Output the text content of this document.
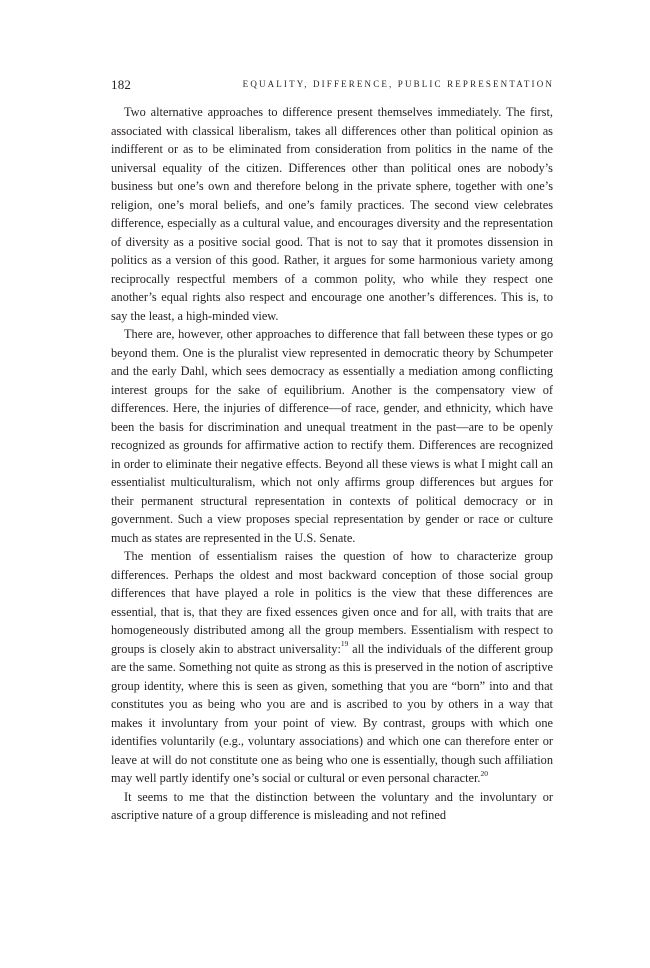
182	EQUALITY, DIFFERENCE, PUBLIC REPRESENTATION

Two alternative approaches to difference present themselves immediately. The first, associated with classical liberalism, takes all differences other than political opinion as indifferent or as to be eliminated from consideration from politics in the name of the universal equality of the citizen. Differences other than political ones are nobody’s business but one’s own and therefore belong in the private sphere, together with one’s religion, one’s moral beliefs, and one’s family practices. The second view celebrates difference, especially as a cultural value, and encourages diversity and the representation of diversity as a positive social good. That is not to say that it promotes dissension in politics as a version of this good. Rather, it argues for some harmonious variety among reciprocally respectful members of a common polity, who while they respect one another’s equal rights also respect and encourage one another’s differences. This is, to say the least, a high-minded view.

There are, however, other approaches to difference that fall between these types or go beyond them. One is the pluralist view represented in democratic theory by Schumpeter and the early Dahl, which sees democracy as essentially a mediation among conflicting interest groups for the sake of equilibrium. Another is the compensatory view of differences. Here, the injuries of difference—of race, gender, and ethnicity, which have been the basis for discrimination and unequal treatment in the past—are to be openly recognized as grounds for affirmative action to rectify them. Differences are recognized in order to eliminate their negative effects. Beyond all these views is what I might call an essentialist multiculturalism, which not only affirms group differences but argues for their permanent structural representation in contexts of political democracy or in government. Such a view proposes special representation by gender or race or culture much as states are represented in the U.S. Senate.

The mention of essentialism raises the question of how to characterize group differences. Perhaps the oldest and most backward conception of those social group differences that have played a role in politics is the view that these differences are essential, that is, that they are fixed essences given once and for all, with traits that are homogeneously distributed among all the group members. Essentialism with respect to groups is closely akin to abstract universality:$^{19}$ all the individuals of the different group are the same. Something not quite as strong as this is preserved in the notion of ascriptive group identity, where this is seen as given, something that you are “born” into and that constitutes you as being who you are and is ascribed to you by others in a way that makes it involuntary from your point of view. By contrast, groups with which one identifies voluntarily (e.g., voluntary associations) and which one can therefore enter or leave at will do not constitute one as being who one is essentially, though such affiliation may well partly identify one’s social or cultural or even personal character.$^{20}$

It seems to me that the distinction between the voluntary and the involuntary or ascriptive nature of a group difference is misleading and not refined
